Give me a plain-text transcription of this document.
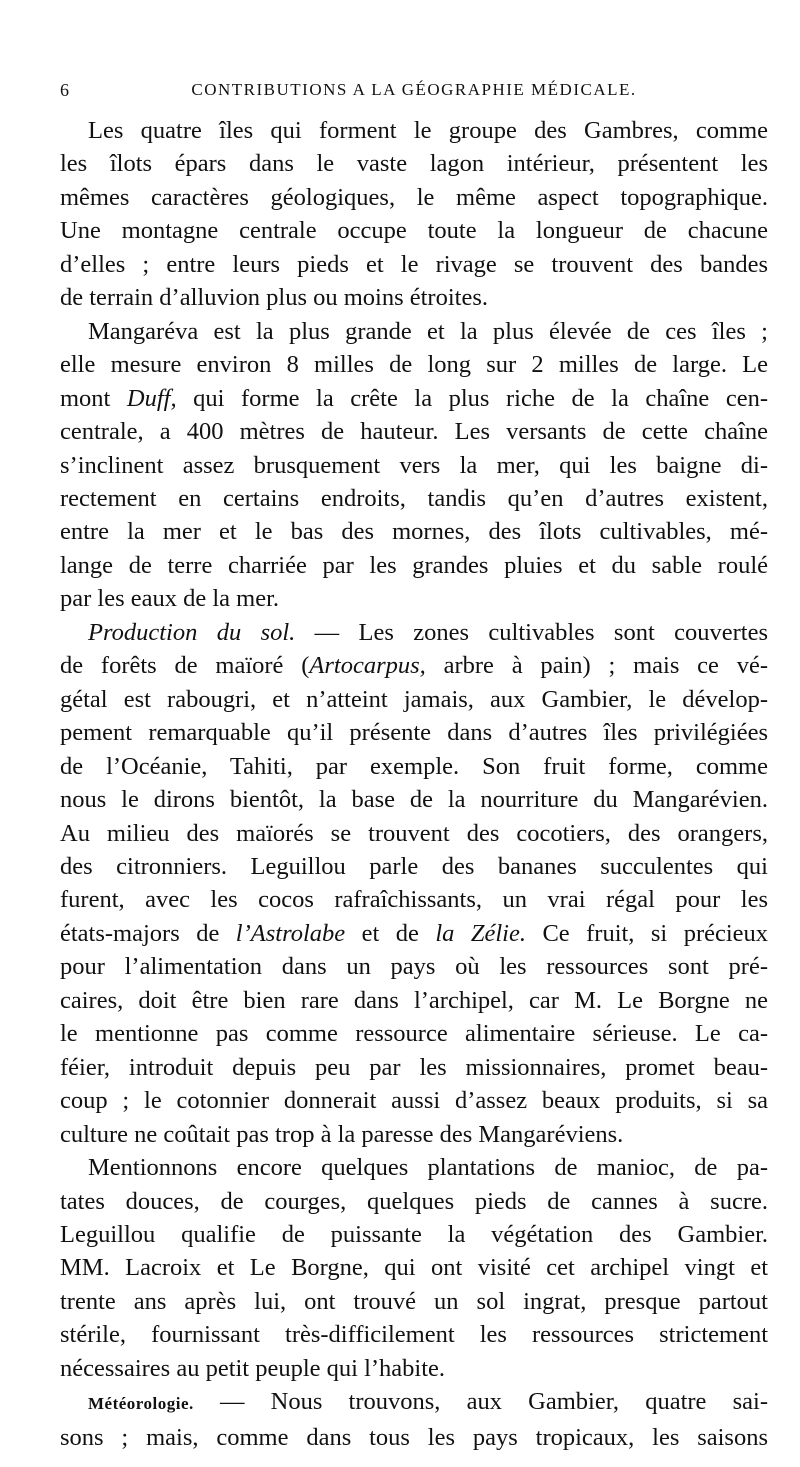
6	CONTRIBUTIONS A LA GÉOGRAPHIE MÉDICALE.
Les quatre îles qui forment le groupe des Gambres, comme
les îlots épars dans le vaste lagon intérieur, présentent les
mêmes caractères géologiques, le même aspect topographique.
Une montagne centrale occupe toute la longueur de chacune
d’elles ; entre leurs pieds et le rivage se trouvent des bandes
de terrain d’alluvion plus ou moins étroites.
Mangaréva est la plus grande et la plus élevée de ces îles ;
elle mesure environ 8 milles de long sur 2 milles de large. Le
mont Duff, qui forme la crête la plus riche de la chaîne cen-
centrale, a 400 mètres de hauteur. Les versants de cette chaîne
s’inclinent assez brusquement vers la mer, qui les baigne di-
rectement en certains endroits, tandis qu’en d’autres existent,
entre la mer et le bas des mornes, des îlots cultivables, mé-
lange de terre charriée par les grandes pluies et du sable roulé
par les eaux de la mer.
Production du sol. — Les zones cultivables sont couvertes
de forêts de maïoré (Artocarpus, arbre à pain) ; mais ce vé-
gétal est rabougri, et n’atteint jamais, aux Gambier, le dévelop-
pement remarquable qu’il présente dans d’autres îles privilégiées
de l’Océanie, Tahiti, par exemple. Son fruit forme, comme
nous le dirons bientôt, la base de la nourriture du Mangarévien.
Au milieu des maïorés se trouvent des cocotiers, des orangers,
des citronniers. Leguillou parle des bananes succulentes qui
furent, avec les cocos rafraîchissants, un vrai régal pour les
états-majors de l’Astrolabe et de la Zélie. Ce fruit, si précieux
pour l’alimentation dans un pays où les ressources sont pré-
caires, doit être bien rare dans l’archipel, car M. Le Borgne ne
le mentionne pas comme ressource alimentaire sérieuse. Le ca-
féier, introduit depuis peu par les missionnaires, promet beau-
coup ; le cotonnier donnerait aussi d’assez beaux produits, si sa
culture ne coûtait pas trop à la paresse des Mangaréviens.
Mentionnons encore quelques plantations de manioc, de pa-
tates douces, de courges, quelques pieds de cannes à sucre.
Leguillou qualifie de puissante la végétation des Gambier.
MM. Lacroix et Le Borgne, qui ont visité cet archipel vingt et
trente ans après lui, ont trouvé un sol ingrat, presque partout
stérile, fournissant très-difficilement les ressources strictement
nécessaires au petit peuple qui l’habite.
Météorologie. — Nous trouvons, aux Gambier, quatre sai-
sons ; mais, comme dans tous les pays tropicaux, les saisons
